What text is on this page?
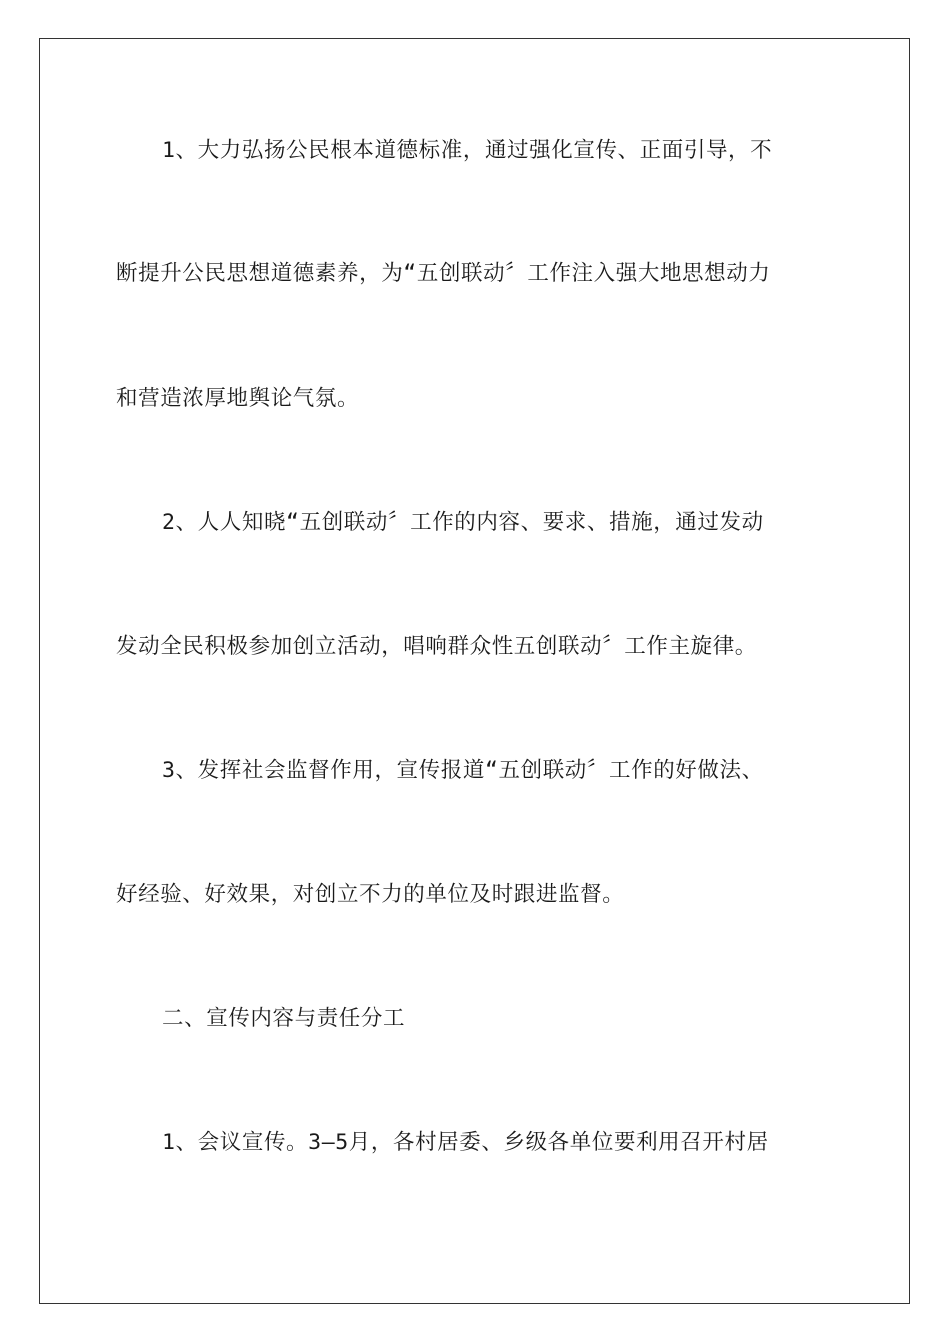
1、大力弘扬公民根本道德标准，通过强化宣传、正面引导，不
断提升公民思想道德素养，为“五创联动〞工作注入强大地思想动力
和营造浓厚地舆论气氛。
2、人人知晓“五创联动〞工作的内容、要求、措施，通过发动
发动全民积极参加创立活动，唱响群众性五创联动〞工作主旋律。
3、发挥社会监督作用，宣传报道“五创联动〞工作的好做法、
好经验、好效果，对创立不力的单位及时跟进监督。
二、宣传内容与责任分工
1、会议宣传。3—5月，各村居委、乡级各单位要利用召开村居
